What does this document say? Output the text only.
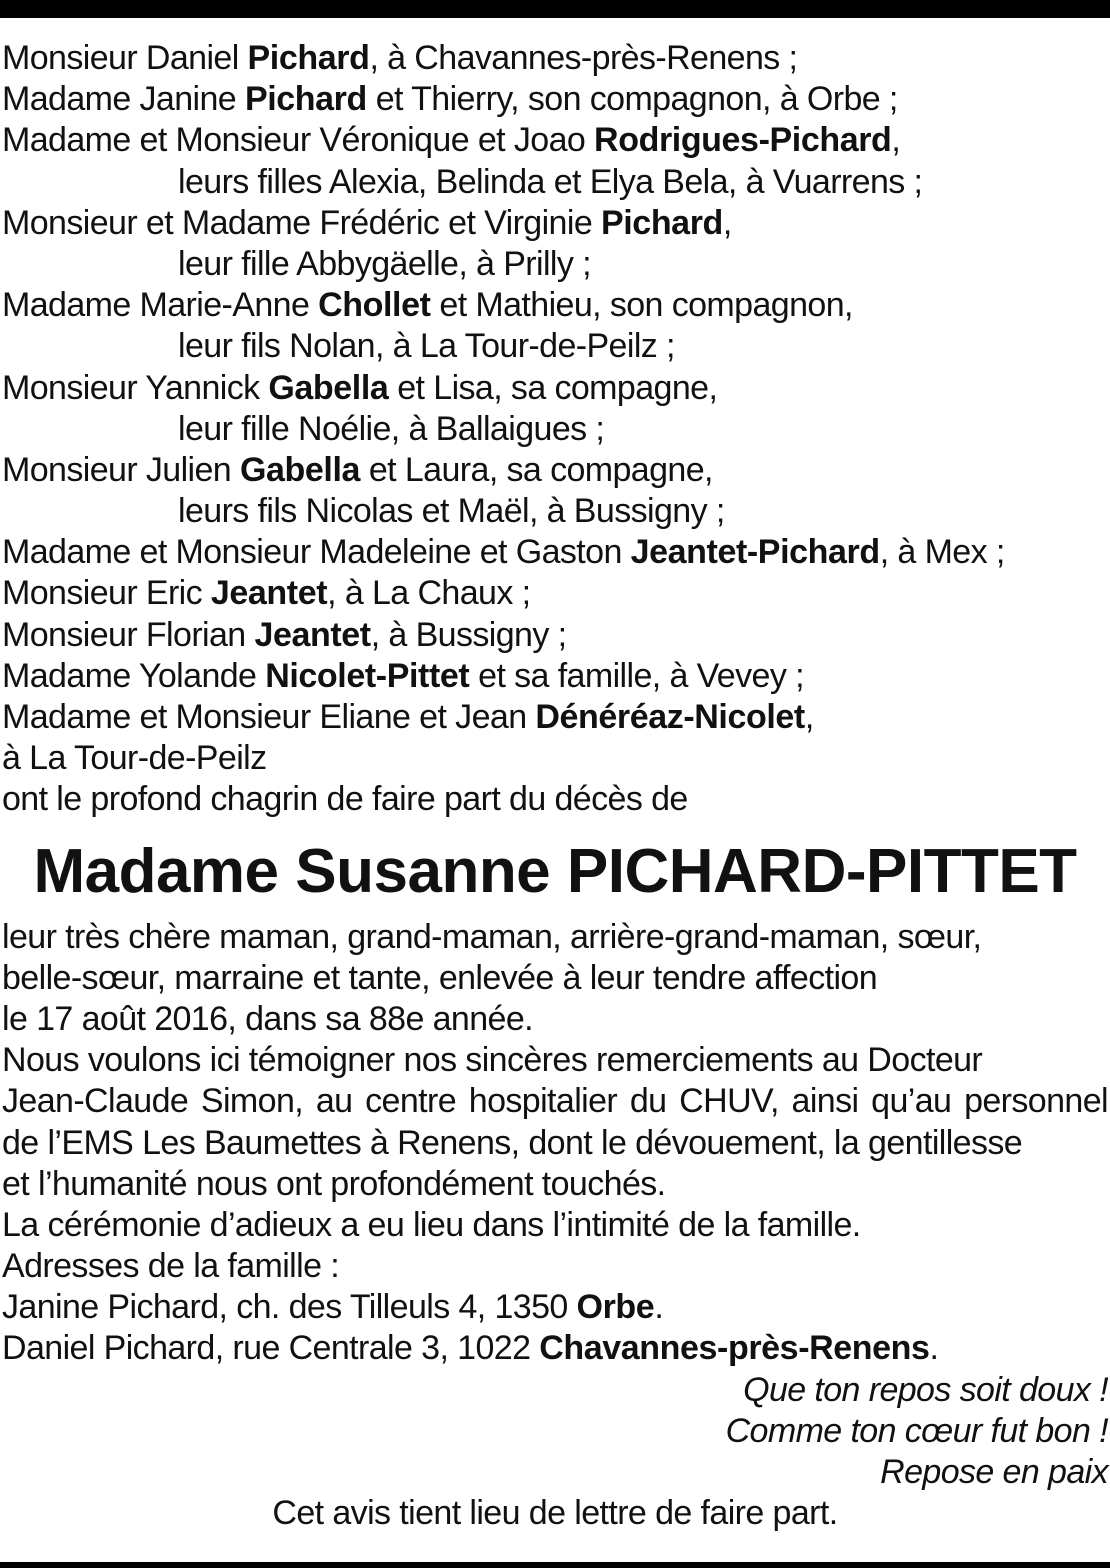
Monsieur Daniel Pichard, à Chavannes-près-Renens ;
Madame Janine Pichard et Thierry, son compagnon, à Orbe ;
Madame et Monsieur Véronique et Joao Rodrigues-Pichard,
leurs filles Alexia, Belinda et Elya Bela, à Vuarrens ;
Monsieur et Madame Frédéric et Virginie Pichard,
leur fille Abbygäelle, à Prilly ;
Madame Marie-Anne Chollet et Mathieu, son compagnon,
leur fils Nolan, à La Tour-de-Peilz ;
Monsieur Yannick Gabella et Lisa, sa compagne,
leur fille Noélie, à Ballaigues ;
Monsieur Julien Gabella et Laura, sa compagne,
leurs fils Nicolas et Maël, à Bussigny ;
Madame et Monsieur Madeleine et Gaston Jeantet-Pichard, à Mex ;
Monsieur Eric Jeantet, à La Chaux ;
Monsieur Florian Jeantet, à Bussigny ;
Madame Yolande Nicolet-Pittet et sa famille, à Vevey ;
Madame et Monsieur Eliane et Jean Dénéréaz-Nicolet,
à La Tour-de-Peilz
ont le profond chagrin de faire part du décès de
Madame Susanne PICHARD-PITTET
leur très chère maman, grand-maman, arrière-grand-maman, sœur,
belle-sœur, marraine et tante, enlevée à leur tendre affection
le 17 août 2016, dans sa 88e année.
Nous voulons ici témoigner nos sincères remerciements au Docteur
Jean-Claude Simon, au centre hospitalier du CHUV, ainsi qu’au personnel
de l’EMS Les Baumettes à Renens, dont le dévouement, la gentillesse
et l’humanité nous ont profondément touchés.
La cérémonie d’adieux a eu lieu dans l’intimité de la famille.
Adresses de la famille :
Janine Pichard, ch. des Tilleuls 4, 1350 Orbe.
Daniel Pichard, rue Centrale 3, 1022 Chavannes-près-Renens.
Que ton repos soit doux !
Comme ton cœur fut bon !
Repose en paix
Cet avis tient lieu de lettre de faire part.
